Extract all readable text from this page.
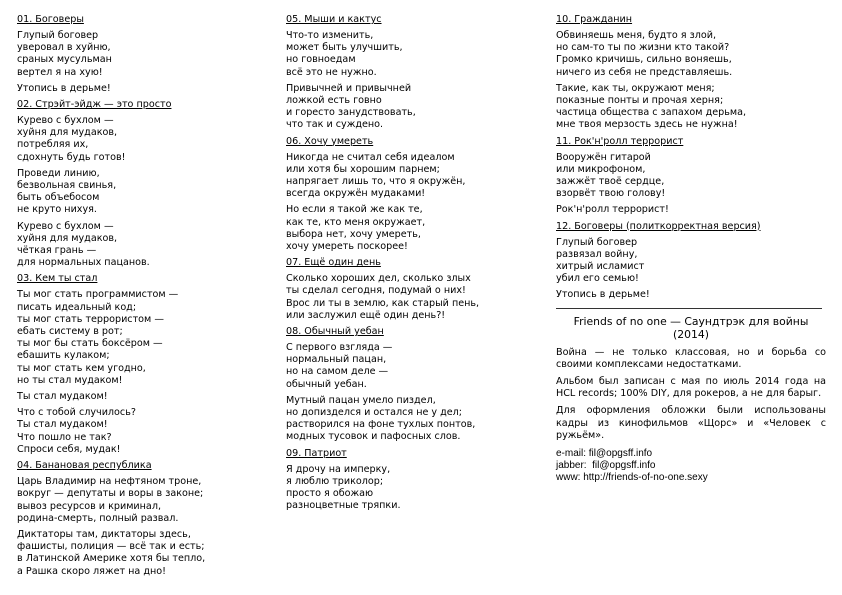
01. Боговеры
Глупый боговер
уверовал в хуйню,
сраных мусульман
вертел я на хую!
Утопись в дерьме!
02. Стрэйт-эйдж — это просто
Курево с бухлом —
хуйня для мудаков,
потребляя их,
сдохнуть будь готов!
Проведи линию,
безвольная свинья,
быть объебосом
не круто нихуя.
Курево с бухлом —
хуйня для мудаков,
чёткая грань —
для нормальных пацанов.
03. Кем ты стал
Ты мог стать программистом —
писать идеальный код;
ты мог стать террористом —
ебать систему в рот;
ты мог бы стать боксёром —
ебашить кулаком;
ты мог стать кем угодно,
но ты стал мудаком!
Ты стал мудаком!
Что с тобой случилось?
Ты стал мудаком!
Что пошло не так?
Спроси себя, мудак!
04. Банановая республика
Царь Владимир на нефтяном троне,
вокруг — депутаты и воры в законе;
вывоз ресурсов и криминал,
родина-смерть, полный развал.
Диктаторы там, диктаторы здесь,
фашисты, полиция — всё так и есть;
в Латинской Америке хотя бы тепло,
а Рашка скоро ляжет на дно!
05. Мыши и кактус
Что-то изменить,
может быть улучшить,
но говноедам
всё это не нужно.
Привычней и привычней
ложкой есть говно
и горесто занудствовать,
что так и суждено.
06. Хочу умереть
Никогда не считал себя идеалом
или хотя бы хорошим парнем;
напрягает лишь то, что я окружён,
всегда окружён мудаками!
Но если я такой же как те,
как те, кто меня окружает,
выбора нет, хочу умереть,
хочу умереть поскорее!
07. Ещё один день
Сколько хороших дел, сколько злых
ты сделал сегодня, подумай о них!
Врос ли ты в землю, как старый пень,
или заслужил ещё один день?!
08. Обычный уебан
С первого взгляда —
нормальный пацан,
но на самом деле —
обычный уебан.
Мутный пацан умело пиздел,
но допизделся и остался не у дел;
растворился на фоне тухлых понтов,
модных тусовок и пафосных слов.
09. Патриот
Я дрочу на имперку,
я люблю триколор;
просто я обожаю
разноцветные тряпки.
10. Гражданин
Обвиняешь меня, будто я злой,
но сам-то ты по жизни кто такой?
Громко кричишь, сильно воняешь,
ничего из себя не представляешь.
Такие, как ты, окружают меня;
показные понты и прочая херня;
частица общества с запахом дерьма,
мне твоя мерзость здесь не нужна!
11. Рок'н'ролл террорист
Вооружён гитарой
или микрофоном,
зажжёт твоё сердце,
взорвёт твою голову!
Рок'н'ролл террорист!
12. Боговеры (политкорректная версия)
Глупый боговер
развязал войну,
хитрый исламист
убил его семью!
Утопись в дерьме!
Friends of no one — Саундтрэк для войны (2014)
Война — не только классовая, но и борьба со своими комплексами недостатками.
Альбом был записан с мая по июль 2014 года на HCL records; 100% DIY, для рокеров, а не для барыг.
Для оформления обложки были использованы кадры из кинофильмов «Щорс» и «Человек с ружьём».
e-mail: fil@opgsff.info
jabber:  fil@opgsff.info
www: http://friends-of-no-one.sexy
